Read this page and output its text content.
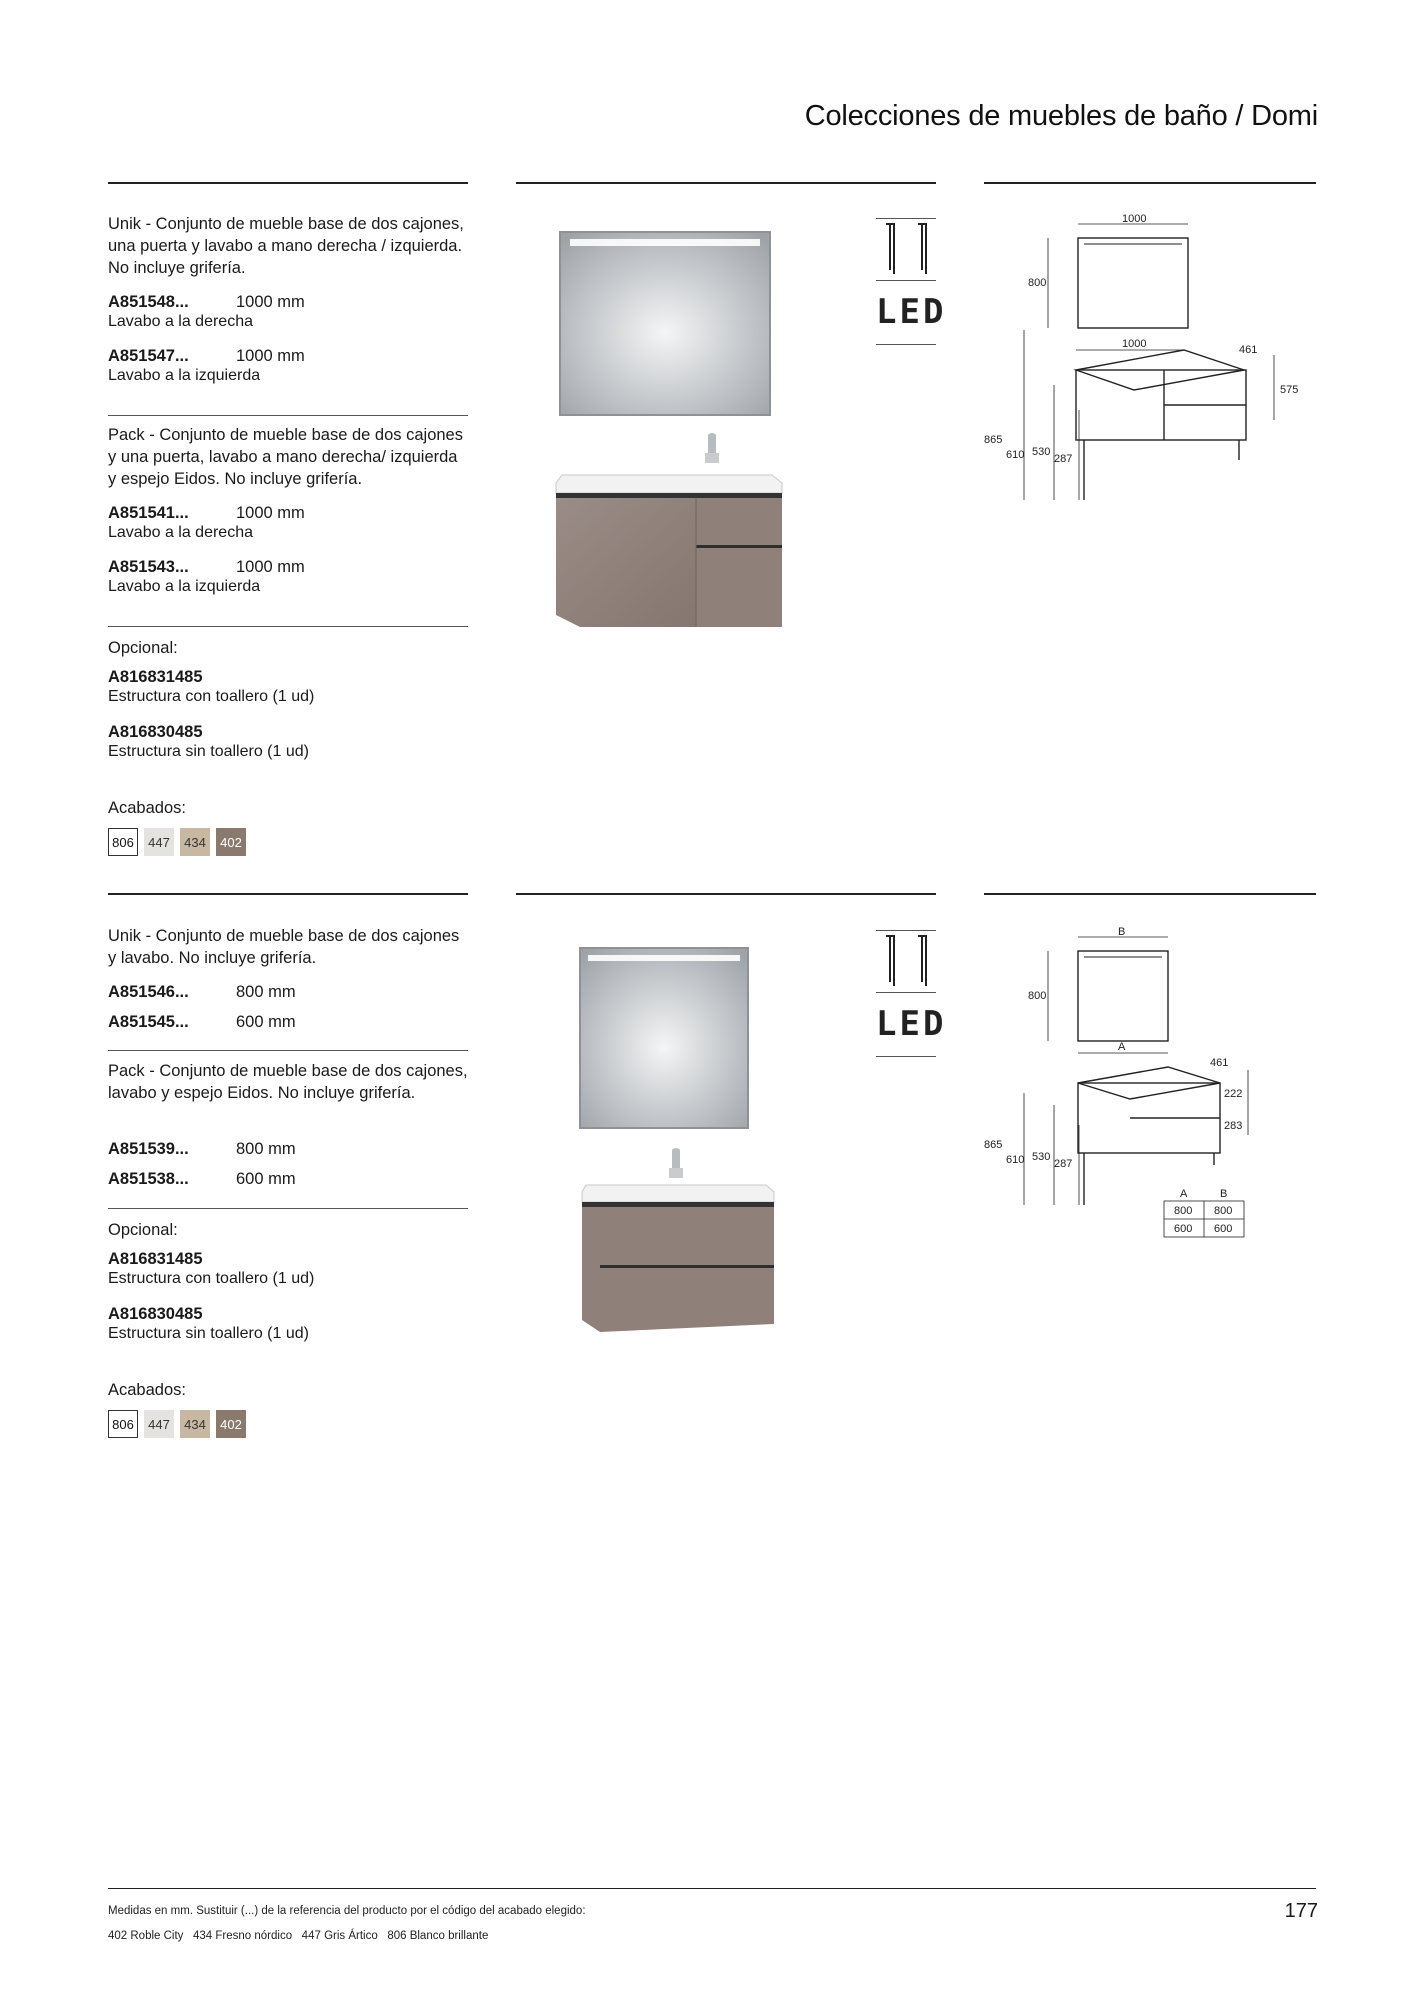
Colecciones de muebles de baño / Domi
Unik - Conjunto de mueble base de dos cajones, una puerta y lavabo a mano derecha / izquierda. No incluye grifería.
A851548...	1000 mm
Lavabo a la derecha
A851547...	1000 mm
Lavabo a la izquierda
Pack - Conjunto de mueble base de dos cajones y una puerta, lavabo a mano derecha/ izquierda y espejo Eidos. No incluye grifería.
A851541...	1000 mm
Lavabo a la derecha
A851543...	1000 mm
Lavabo a la izquierda
Opcional:
A816831485
Estructura con toallero (1 ud)
A816830485
Estructura sin toallero (1 ud)
Acabados:
806	447	434	402
LED
1000
800
1000	461
575
865
610 530
287
Unik - Conjunto de mueble base de dos cajones y lavabo. No incluye grifería.
A851546...	800 mm
A851545...	600 mm
Pack - Conjunto de mueble base de dos cajones, lavabo y espejo Eidos. No incluye grifería.
A851539...	800 mm
A851538...	600 mm
Opcional:
A816831485
Estructura con toallero (1 ud)
A816830485
Estructura sin toallero (1 ud)
Acabados:
806	447	434	402
LED
B
800
A
461
222
283
865
610 530
287
A	B
800 800
600 600
Medidas en mm. Sustituir (...) de la referencia del producto por el código del acabado elegido:
402 Roble City   434 Fresno nórdico   447 Gris Ártico   806 Blanco brillante
177
